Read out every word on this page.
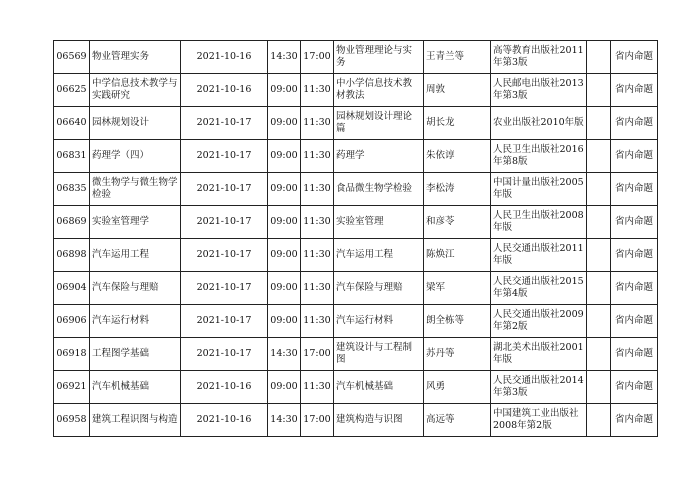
06569	物业管理实务	2021-10-16	14:30	17:00	物业管理理论与实务	王青兰等	高等教育出版社2011年第3版		省内命题
06625	中学信息技术教学与实践研究	2021-10-16	09:00	11:30	中小学信息技术教材教法	周敦	人民邮电出版社2013年第3版		省内命题
06640	园林规划设计	2021-10-17	09:00	11:30	园林规划设计理论篇	胡长龙	农业出版社2010年版		省内命题
06831	药理学（四）	2021-10-17	09:00	11:30	药理学	朱依谆	人民卫生出版社2016年第8版		省内命题
06835	微生物学与微生物学检验	2021-10-17	09:00	11:30	食品微生物学检验	李松涛	中国计量出版社2005年版		省内命题
06869	实验室管理学	2021-10-17	09:00	11:30	实验室管理	和彦苓	人民卫生出版社2008年版		省内命题
06898	汽车运用工程	2021-10-17	09:00	11:30	汽车运用工程	陈焕江	人民交通出版社2011年版		省内命题
06904	汽车保险与理赔	2021-10-17	09:00	11:30	汽车保险与理赔	梁军	人民交通出版社2015年第4版		省内命题
06906	汽车运行材料	2021-10-17	09:00	11:30	汽车运行材料	朗全栋等	人民交通出版社2009年第2版		省内命题
06918	工程图学基础	2021-10-17	14:30	17:00	建筑设计与工程制图	苏丹等	湖北美术出版社2001年版		省内命题
06921	汽车机械基础	2021-10-16	09:00	11:30	汽车机械基础	风勇	人民交通出版社2014年第3版		省内命题
06958	建筑工程识图与构造	2021-10-16	14:30	17:00	建筑构造与识图	高远等	中国建筑工业出版社2008年第2版		省内命题
